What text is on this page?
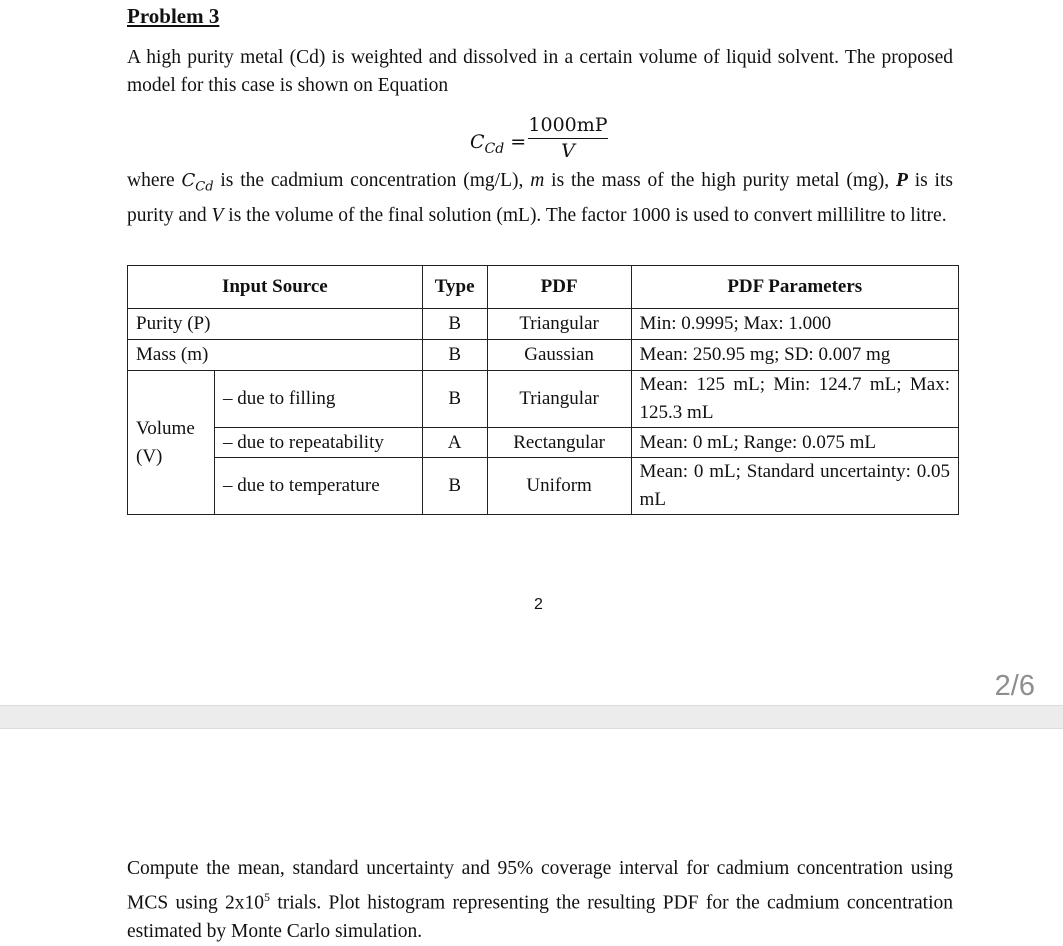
Problem 3
A high purity metal (Cd) is weighted and dissolved in a certain volume of liquid solvent. The proposed model for this case is shown on Equation
$C_{Cd} = \frac{1000mP}{V}$
where $C_{Cd}$ is the cadmium concentration (mg/L), m is the mass of the high purity metal (mg), P is its purity and V is the volume of the final solution (mL). The factor 1000 is used to convert millilitre to litre.
Input Source		Type	PDF	PDF Parameters
Purity (P)		B	Triangular	Min: 0.9995; Max: 1.000
Mass (m)		B	Gaussian	Mean: 250.95 mg; SD: 0.007 mg
Volume (V)	– due to filling	B	Triangular	Mean: 125 mL; Min: 124.7 mL; Max: 125.3 mL
	– due to repeatability	A	Rectangular	Mean: 0 mL; Range: 0.075 mL
	– due to temperature	B	Uniform	Mean: 0 mL; Standard uncertainty: 0.05 mL
2
2/6
Compute the mean, standard uncertainty and 95% coverage interval for cadmium concentration using MCS using $2x10^5$ trials. Plot histogram representing the resulting PDF for the cadmium concentration estimated by Monte Carlo simulation.
